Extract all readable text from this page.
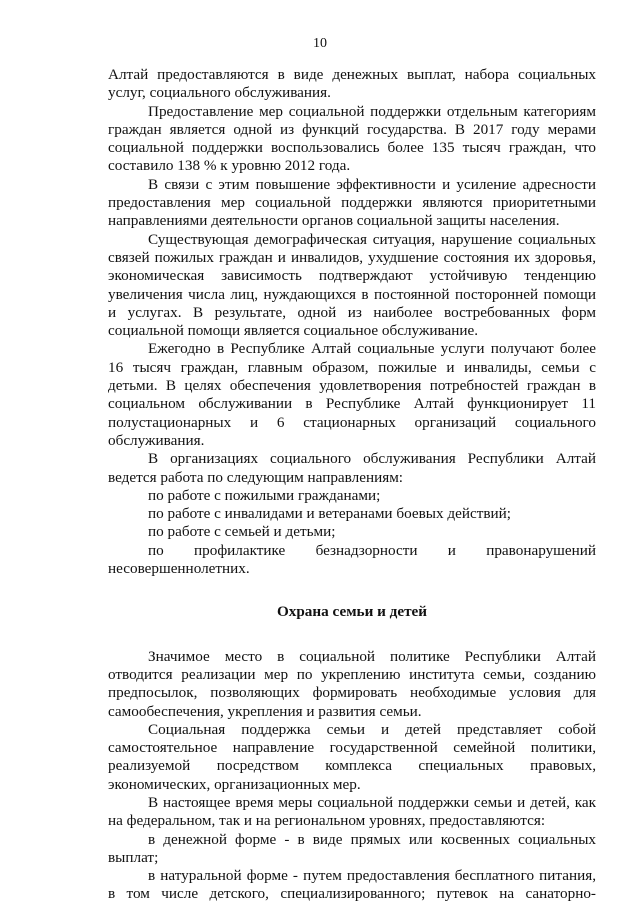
10

Алтай предоставляются в виде денежных выплат, набора социальных услуг, социального обслуживания.

Предоставление мер социальной поддержки отдельным категориям граждан является одной из функций государства. В 2017 году мерами социальной поддержки воспользовались более 135 тысяч граждан, что составило 138 % к уровню 2012 года.

В связи с этим повышение эффективности и усиление адресности предоставления мер социальной поддержки являются приоритетными направлениями деятельности органов социальной защиты населения.

Существующая демографическая ситуация, нарушение социальных связей пожилых граждан и инвалидов, ухудшение состояния их здоровья, экономическая зависимость подтверждают устойчивую тенденцию увеличения числа лиц, нуждающихся в постоянной посторонней помощи и услугах. В результате, одной из наиболее востребованных форм социальной помощи является социальное обслуживание.

Ежегодно в Республике Алтай социальные услуги получают более 16 тысяч граждан, главным образом, пожилые и инвалиды, семьи с детьми. В целях обеспечения удовлетворения потребностей граждан в социальном обслуживании в Республике Алтай функционирует 11 полустационарных и 6 стационарных организаций социального обслуживания.

В организациях социального обслуживания Республики Алтай ведется работа по следующим направлениям:

по работе с пожилыми гражданами;

по работе с инвалидами и ветеранами боевых действий;

по работе с семьей и детьми;

по профилактике безнадзорности и правонарушений несовершеннолетних.

Охрана семьи и детей

Значимое место в социальной политике Республики Алтай отводится реализации мер по укреплению института семьи, созданию предпосылок, позволяющих формировать необходимые условия для самообеспечения, укрепления и развития семьи.

Социальная поддержка семьи и детей представляет собой самостоятельное направление государственной семейной политики, реализуемой посредством комплекса специальных правовых, экономических, организационных мер.

В настоящее время меры социальной поддержки семьи и детей, как на федеральном, так и на региональном уровнях, предоставляются:

в денежной форме - в виде прямых или косвенных социальных выплат;

в натуральной форме - путем предоставления бесплатного питания, в том числе детского, специализированного; путевок на санаторно-
